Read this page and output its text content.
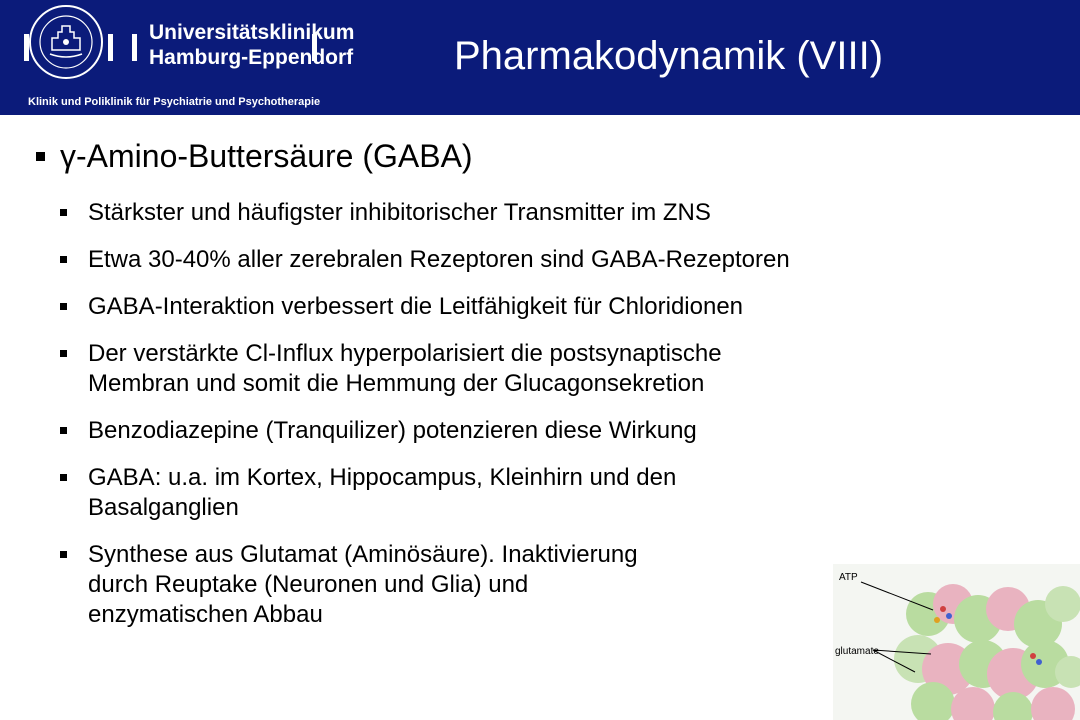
Universitätsklinikum
Hamburg-Eppendorf
Klinik und Poliklinik für Psychiatrie und Psychotherapie
Pharmakodynamik (VIII)
γ-Amino-Buttersäure (GABA)
Stärkster und häufigster inhibitorischer Transmitter im ZNS
Etwa 30-40% aller zerebralen Rezeptoren sind GABA-Rezeptoren
GABA-Interaktion verbessert die Leitfähigkeit für Chloridionen
Der verstärkte Cl-Influx hyperpolarisiert die postsynaptische
Membran und somit die Hemmung der Glucagonsekretion
Benzodiazepine (Tranquilizer) potenzieren diese Wirkung
GABA: u.a. im Kortex, Hippocampus, Kleinhirn und den
Basalganglien
Synthese aus Glutamat (Aminösäure). Inaktivierung
durch Reuptake (Neuronen und Glia) und
enzymatischen Abbau
ATP
glutamate
